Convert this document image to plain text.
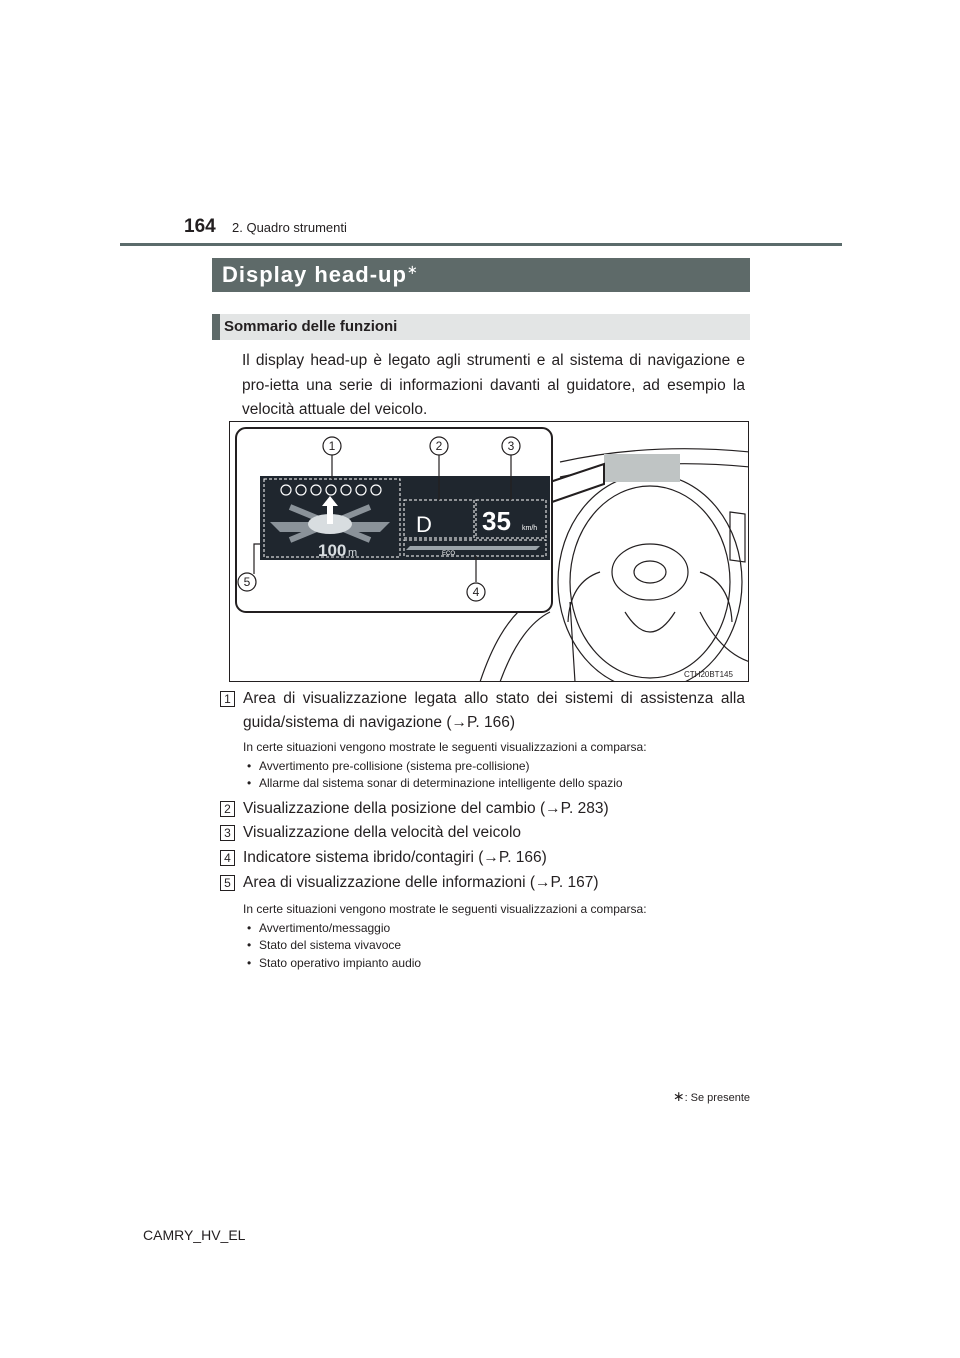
164 2. Quadro strumenti
Display head-up∗
Sommario delle funzioni
Il display head-up è legato agli strumenti e al sistema di navigazione e pro-ietta una serie di informazioni davanti al guidatore, ad esempio la velocità attuale del veicolo.
100 m
D 35 km/h
ECO
1	2	3
4
5
CTH20BT145
1 Area di visualizzazione legata allo stato dei sistemi di assistenza alla guida/sistema di navigazione (→P. 166)
In certe situazioni vengono mostrate le seguenti visualizzazioni a comparsa:
• Avvertimento pre-collisione (sistema pre-collisione)
• Allarme dal sistema sonar di determinazione intelligente dello spazio
2 Visualizzazione della posizione del cambio (→P. 283)
3 Visualizzazione della velocità del veicolo
4 Indicatore sistema ibrido/contagiri (→P. 166)
5 Area di visualizzazione delle informazioni (→P. 167)
In certe situazioni vengono mostrate le seguenti visualizzazioni a comparsa:
• Avvertimento/messaggio
• Stato del sistema vivavoce
• Stato operativo impianto audio
∗: Se presente
CAMRY_HV_EL
